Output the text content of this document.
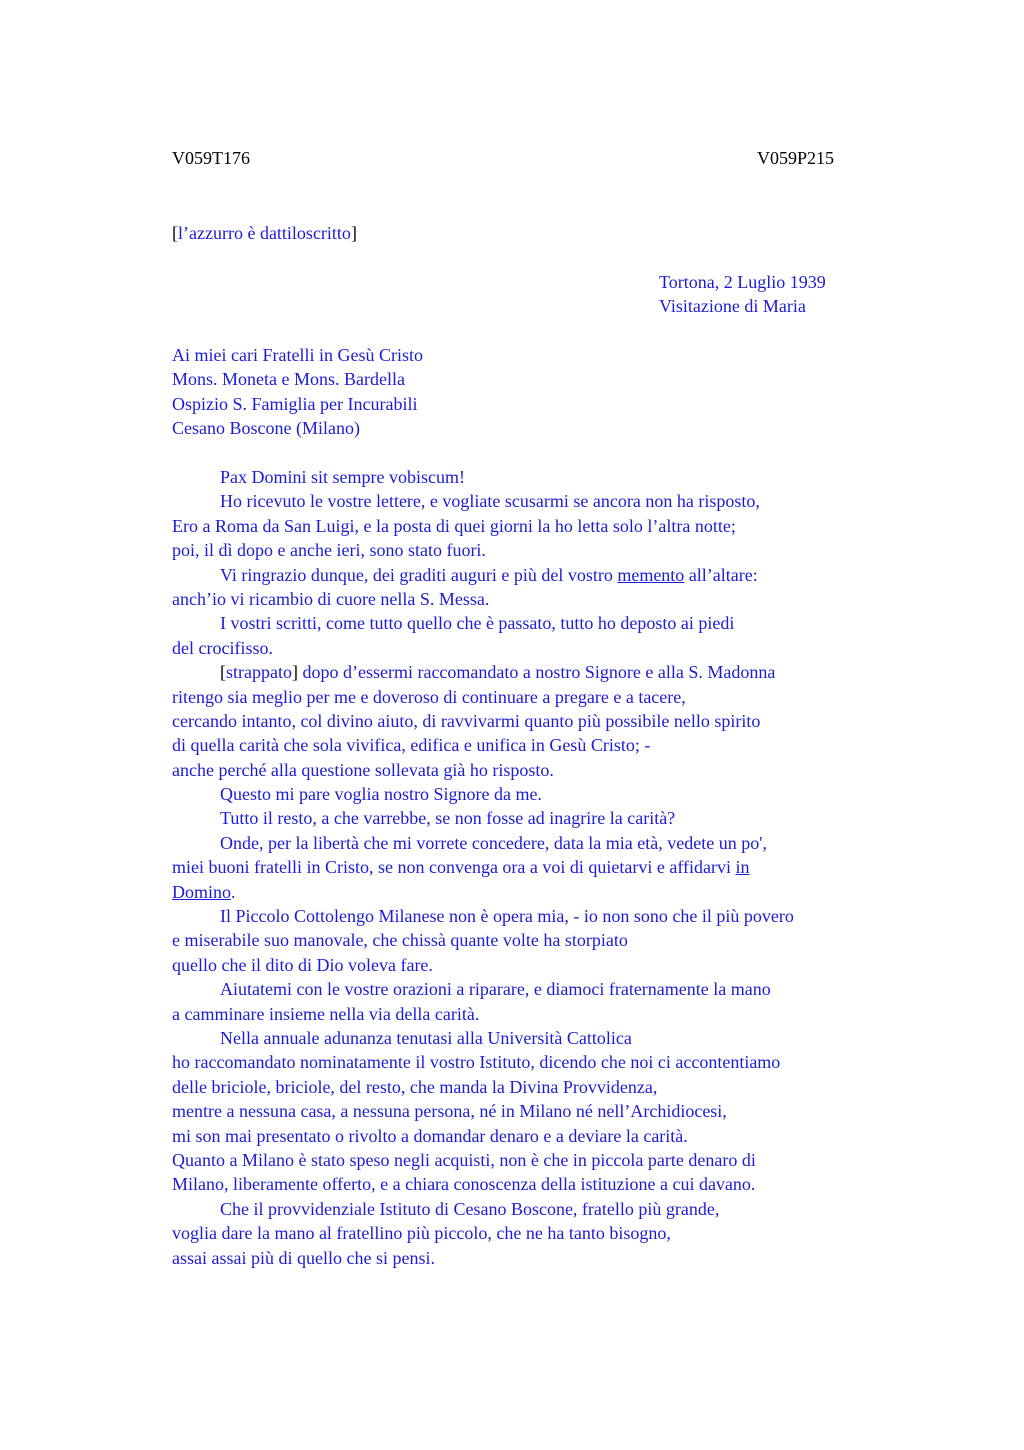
V059T176	V059P215
[l’azzurro è dattiloscritto]
Tortona, 2 Luglio 1939
Visitazione di Maria
Ai miei cari Fratelli in Gesù Cristo
Mons. Moneta e Mons. Bardella
Ospizio S. Famiglia per Incurabili
Cesano Boscone (Milano)
Pax Domini sit sempre vobiscum!
Ho ricevuto le vostre lettere, e vogliate scusarmi se ancora non ha risposto,
Ero a Roma da San Luigi, e la posta di quei giorni la ho letta solo l’altra notte;
poi, il dì dopo e anche ieri, sono stato fuori.
Vi ringrazio dunque, dei graditi auguri e più del vostro memento all’altare:
anch’io vi ricambio di cuore nella S. Messa.
I vostri scritti, come tutto quello che è passato, tutto ho deposto ai piedi
del crocifisso.
[strappato] dopo d’essermi raccomandato a nostro Signore e alla S. Madonna
ritengo sia meglio per me e doveroso di continuare a pregare e a tacere,
cercando intanto, col divino aiuto, di ravvivarmi quanto più possibile nello spirito
di quella carità che sola vivifica, edifica e unifica in Gesù Cristo; -
anche perché alla questione sollevata già ho risposto.
Questo mi pare voglia nostro Signore da me.
Tutto il resto, a che varrebbe, se non fosse ad inagrire la carità?
Onde, per la libertà che mi vorrete concedere, data la mia età, vedete un po',
miei buoni fratelli in Cristo, se non convenga ora a voi di quietarvi e affidarvi in
Domino.
Il Piccolo Cottolengo Milanese non è opera mia, - io non sono che il più povero
e miserabile suo manovale, che chissà quante volte ha storpiato
quello che il dito di Dio voleva fare.
Aiutatemi con le vostre orazioni a riparare, e diamoci fraternamente la mano
a camminare insieme nella via della carità.
Nella annuale adunanza tenutasi alla Università Cattolica
ho raccomandato nominatamente il vostro Istituto, dicendo che noi ci accontentiamo
delle briciole, briciole, del resto, che manda la Divina Provvidenza,
mentre a nessuna casa, a nessuna persona, né in Milano né nell’Archidiocesi,
mi son mai presentato o rivolto a domandar denaro e a deviare la carità.
Quanto a Milano è stato speso negli acquisti, non è che in piccola parte denaro di
Milano, liberamente offerto, e a chiara conoscenza della istituzione a cui davano.
Che il provvidenziale Istituto di Cesano Boscone, fratello più grande,
voglia dare la mano al fratellino più piccolo, che ne ha tanto bisogno,
assai assai più di quello che si pensi.
